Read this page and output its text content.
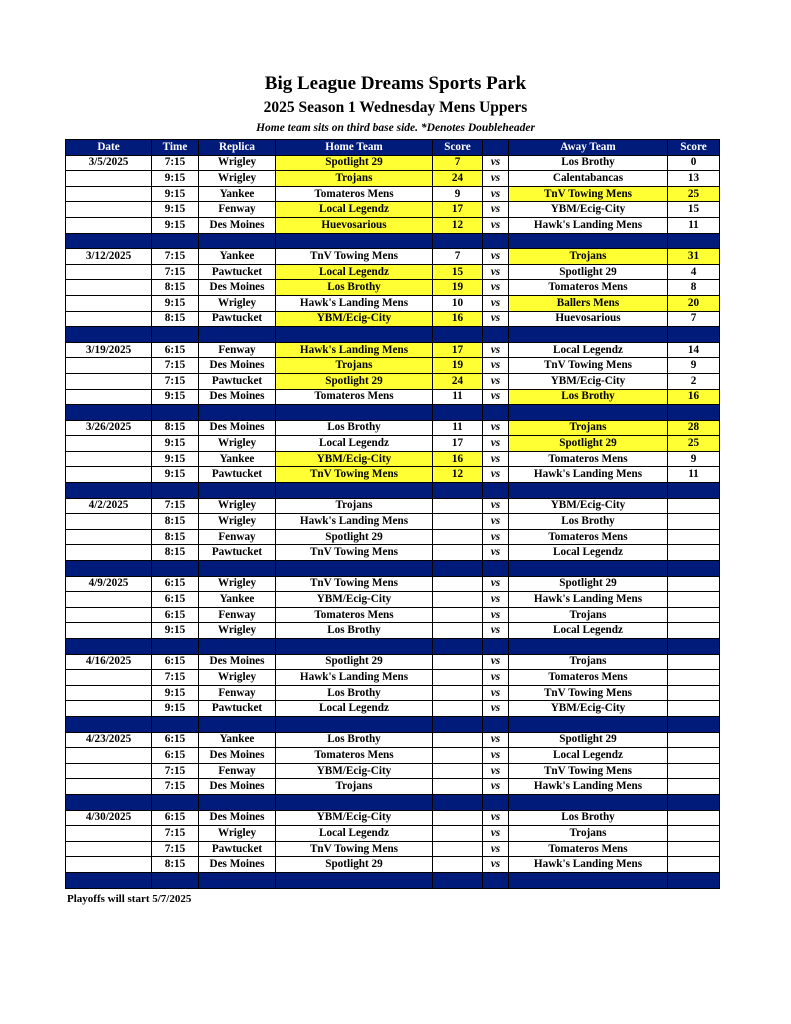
Big League Dreams Sports Park
2025 Season 1 Wednesday Mens Uppers
Home team sits on third base side. *Denotes Doubleheader
Date	Time	Replica	Home Team	Score		Away Team	Score
3/5/2025	7:15	Wrigley	Spotlight 29	7	vs	Los Brothy	0
	9:15	Wrigley	Trojans	24	vs	Calentabancas	13
	9:15	Yankee	Tomateros Mens	9	vs	TnV Towing Mens	25
	9:15	Fenway	Local Legendz	17	vs	YBM/Ecig-City	15
	9:15	Des Moines	Huevosarious	12	vs	Hawk's Landing Mens	11

3/12/2025	7:15	Yankee	TnV Towing Mens	7	vs	Trojans	31
	7:15	Pawtucket	Local Legendz	15	vs	Spotlight 29	4
	8:15	Des Moines	Los Brothy	19	vs	Tomateros Mens	8
	9:15	Wrigley	Hawk's Landing Mens	10	vs	Ballers Mens	20
	8:15	Pawtucket	YBM/Ecig-City	16	vs	Huevosarious	7

3/19/2025	6:15	Fenway	Hawk's Landing Mens	17	vs	Local Legendz	14
	7:15	Des Moines	Trojans	19	vs	TnV Towing Mens	9
	7:15	Pawtucket	Spotlight 29	24	vs	YBM/Ecig-City	2
	9:15	Des Moines	Tomateros Mens	11	vs	Los Brothy	16

3/26/2025	8:15	Des Moines	Los Brothy	11	vs	Trojans	28
	9:15	Wrigley	Local Legendz	17	vs	Spotlight 29	25
	9:15	Yankee	YBM/Ecig-City	16	vs	Tomateros Mens	9
	9:15	Pawtucket	TnV Towing Mens	12	vs	Hawk's Landing Mens	11

4/2/2025	7:15	Wrigley	Trojans		vs	YBM/Ecig-City	
	8:15	Wrigley	Hawk's Landing Mens		vs	Los Brothy	
	8:15	Fenway	Spotlight 29		vs	Tomateros Mens	
	8:15	Pawtucket	TnV Towing Mens		vs	Local Legendz	

4/9/2025	6:15	Wrigley	TnV Towing Mens		vs	Spotlight 29	
	6:15	Yankee	YBM/Ecig-City		vs	Hawk's Landing Mens	
	6:15	Fenway	Tomateros Mens		vs	Trojans	
	9:15	Wrigley	Los Brothy		vs	Local Legendz	

4/16/2025	6:15	Des Moines	Spotlight 29		vs	Trojans	
	7:15	Wrigley	Hawk's Landing Mens		vs	Tomateros Mens	
	9:15	Fenway	Los Brothy		vs	TnV Towing Mens	
	9:15	Pawtucket	Local Legendz		vs	YBM/Ecig-City	

4/23/2025	6:15	Yankee	Los Brothy		vs	Spotlight 29	
	6:15	Des Moines	Tomateros Mens		vs	Local Legendz	
	7:15	Fenway	YBM/Ecig-City		vs	TnV Towing Mens	
	7:15	Des Moines	Trojans		vs	Hawk's Landing Mens	

4/30/2025	6:15	Des Moines	YBM/Ecig-City		vs	Los Brothy	
	7:15	Wrigley	Local Legendz		vs	Trojans	
	7:15	Pawtucket	TnV Towing Mens		vs	Tomateros Mens	
	8:15	Des Moines	Spotlight 29		vs	Hawk's Landing Mens	

Playoffs will start 5/7/2025
